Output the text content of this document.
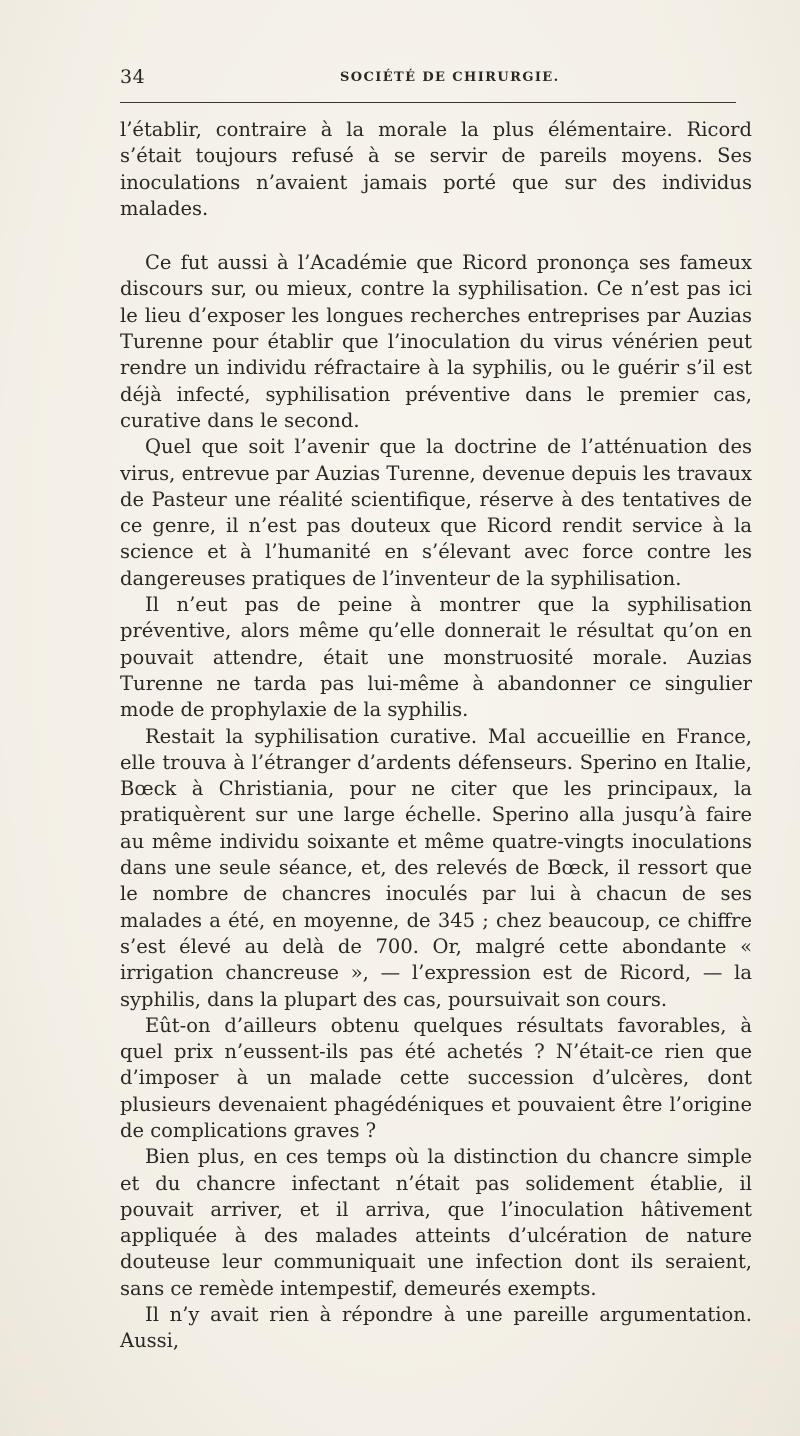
34	SOCIÉTÉ DE CHIRURGIE.

l’établir, contraire à la morale la plus élémentaire. Ricord s’était toujours refusé à se servir de pareils moyens. Ses inoculations n’avaient jamais porté que sur des individus malades.

Ce fut aussi à l’Académie que Ricord prononça ses fameux discours sur, ou mieux, contre la syphilisation. Ce n’est pas ici le lieu d’exposer les longues recherches entreprises par Auzias Turenne pour établir que l’inoculation du virus vénérien peut rendre un individu réfractaire à la syphilis, ou le guérir s’il est déjà infecté, syphilisation préventive dans le premier cas, curative dans le second.

Quel que soit l’avenir que la doctrine de l’atténuation des virus, entrevue par Auzias Turenne, devenue depuis les travaux de Pasteur une réalité scientifique, réserve à des tentatives de ce genre, il n’est pas douteux que Ricord rendit service à la science et à l’humanité en s’élevant avec force contre les dangereuses pratiques de l’inventeur de la syphilisation.

Il n’eut pas de peine à montrer que la syphilisation préventive, alors même qu’elle donnerait le résultat qu’on en pouvait attendre, était une monstruosité morale. Auzias Turenne ne tarda pas lui-même à abandonner ce singulier mode de prophylaxie de la syphilis.

Restait la syphilisation curative. Mal accueillie en France, elle trouva à l’étranger d’ardents défenseurs. Sperino en Italie, Bœck à Christiania, pour ne citer que les principaux, la pratiquèrent sur une large échelle. Sperino alla jusqu’à faire au même individu soixante et même quatre-vingts inoculations dans une seule séance, et, des relevés de Bœck, il ressort que le nombre de chancres inoculés par lui à chacun de ses malades a été, en moyenne, de 345 ; chez beaucoup, ce chiffre s’est élevé au delà de 700. Or, malgré cette abondante « irrigation chancreuse », — l’expression est de Ricord, — la syphilis, dans la plupart des cas, poursuivait son cours.

Eût-on d’ailleurs obtenu quelques résultats favorables, à quel prix n’eussent-ils pas été achetés ? N’était-ce rien que d’imposer à un malade cette succession d’ulcères, dont plusieurs devenaient phagédéniques et pouvaient être l’origine de complications graves ?

Bien plus, en ces temps où la distinction du chancre simple et du chancre infectant n’était pas solidement établie, il pouvait arriver, et il arriva, que l’inoculation hâtivement appliquée à des malades atteints d’ulcération de nature douteuse leur communiquait une infection dont ils seraient, sans ce remède intempestif, demeurés exempts.

Il n’y avait rien à répondre à une pareille argumentation. Aussi,
